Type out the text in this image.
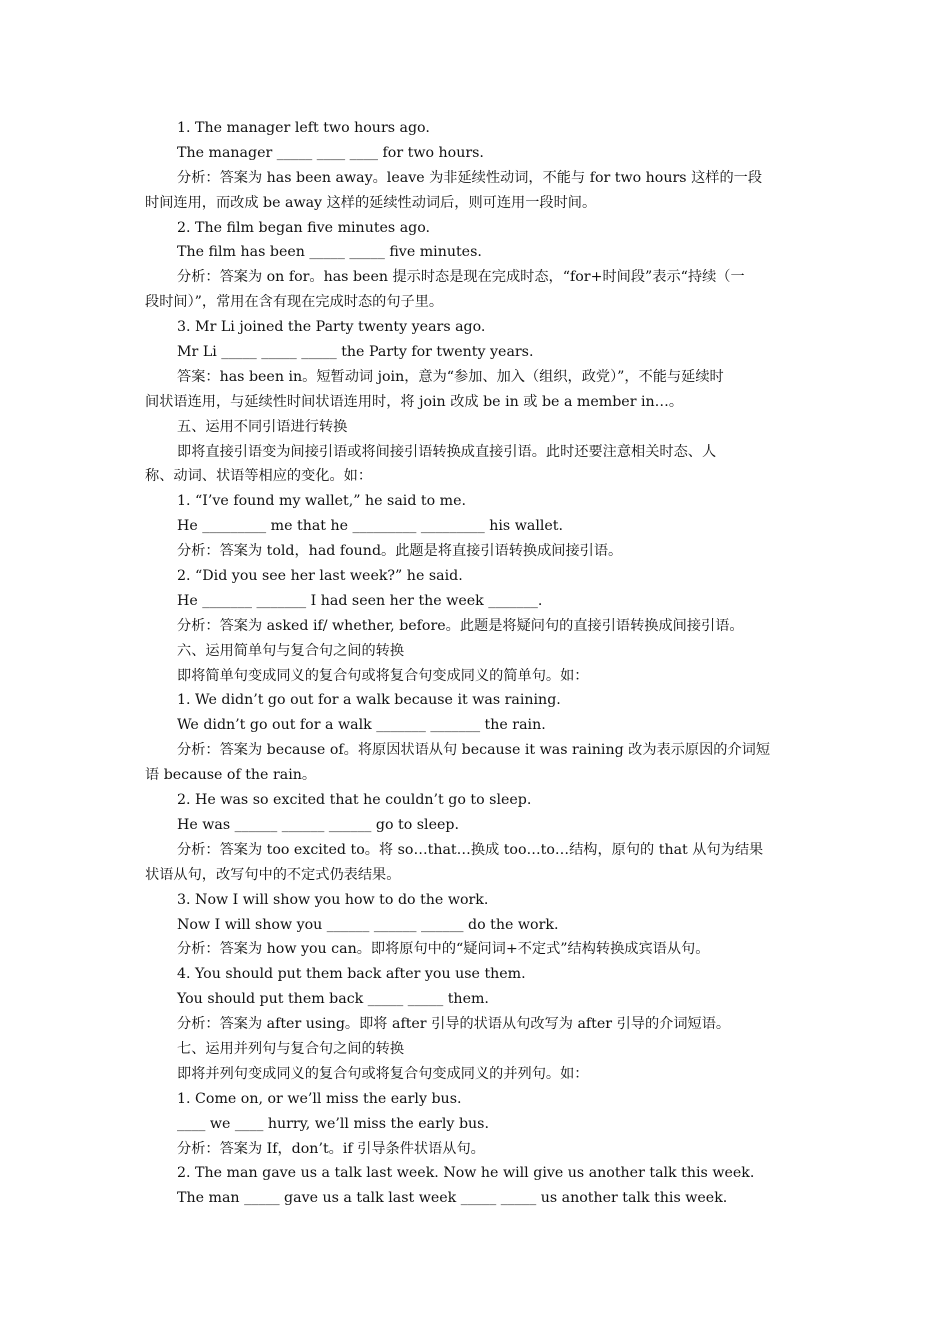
1. The manager left two hours ago.

The manager _____ ____ ____ for two hours.

分析：答案为 has been away。leave 为非延续性动词，不能与 for two hours 这样的一段

时间连用，而改成 be away 这样的延续性动词后，则可连用一段时间。

2. The film began five minutes ago.

The film has been _____ _____ five minutes.

分析：答案为 on for。has been 提示时态是现在完成时态，“for+时间段”表示“持续（一

段时间）”，常用在含有现在完成时态的句子里。

3. Mr Li joined the Party twenty years ago.

Mr Li _____ _____ _____ the Party for twenty years.

答案：has been in。短暂动词 join，意为“参加、加入（组织，政党）”，不能与延续时

间状语连用，与延续性时间状语连用时，将 join 改成 be in 或 be a member in…。

五、运用不同引语进行转换

即将直接引语变为间接引语或将间接引语转换成直接引语。此时还要注意相关时态、人

称、动词、状语等相应的变化。如：

1. “I’ve found my wallet,” he said to me.

He _________ me that he _________ _________ his wallet.

分析：答案为 told，had found。此题是将直接引语转换成间接引语。

2. “Did you see her last week?” he said.

He _______ _______ I had seen her the week _______.

分析：答案为 asked if/ whether, before。此题是将疑问句的直接引语转换成间接引语。

六、运用简单句与复合句之间的转换

即将简单句变成同义的复合句或将复合句变成同义的简单句。如：

1. We didn’t go out for a walk because it was raining.

We didn’t go out for a walk _______ _______ the rain.

分析：答案为 because of。将原因状语从句 because it was raining 改为表示原因的介词短

语 because of the rain。

2. He was so excited that he couldn’t go to sleep.

He was ______ ______ ______ go to sleep.

分析：答案为 too excited to。将 so…that…换成 too…to…结构，原句的 that 从句为结果

状语从句，改写句中的不定式仍表结果。

3. Now I will show you how to do the work.

Now I will show you ______ ______ ______ do the work.

分析：答案为 how you can。即将原句中的“疑问词+不定式”结构转换成宾语从句。

4. You should put them back after you use them.

You should put them back _____ _____ them.

分析：答案为 after using。即将 after 引导的状语从句改写为 after 引导的介词短语。

七、运用并列句与复合句之间的转换

即将并列句变成同义的复合句或将复合句变成同义的并列句。如：

1. Come on, or we’ll miss the early bus.

____ we ____ hurry, we’ll miss the early bus.

分析：答案为 If，don’t。if 引导条件状语从句。

2. The man gave us a talk last week. Now he will give us another talk this week.

The man _____ gave us a talk last week _____ _____ us another talk this week.
